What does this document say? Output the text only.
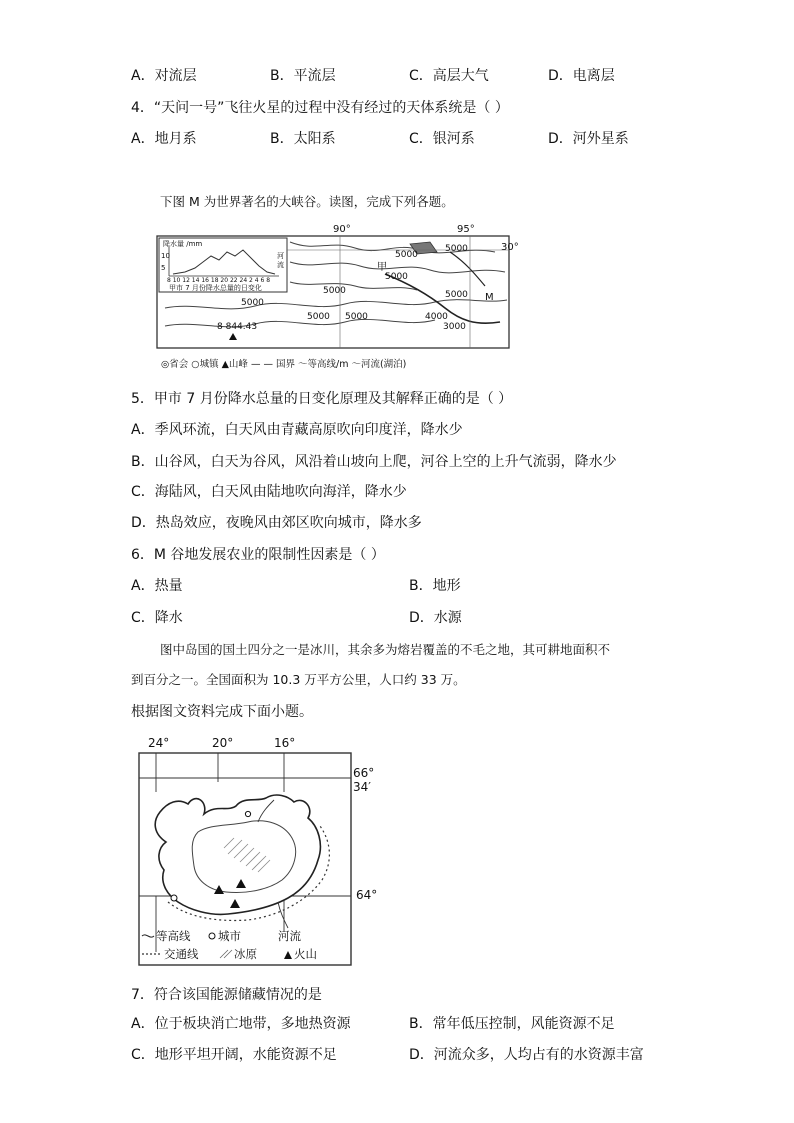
A．对流层	B．平流层	C．高层大气	D．电离层
4．“天问一号”飞往火星的过程中没有经过的天体系统是（ ）
A．地月系	B．太阳系	C．银河系	D．河外星系
下图 M 为世界著名的大峡谷。读图，完成下列各题。
90°	95°
30°
5000
5000
5000
5000
5000 5000
5000
4000
3000
5000
甲
M
8 844.43
降水量 /mm
10
5
8 10 12 14 16 18 20 22 24 2 4 6 8
河流
甲市 7 月份降水总量的日变化
◎省会 ○城镇 ▲山峰 — — 国界 ～等高线/m ～河流(湖泊)
5．甲市 7 月份降水总量的日变化原理及其解释正确的是（ ）
A．季风环流，白天风由青藏高原吹向印度洋，降水少
B．山谷风，白天为谷风，风沿着山坡向上爬，河谷上空的上升气流弱，降水少
C．海陆风，白天风由陆地吹向海洋，降水少
D．热岛效应，夜晚风由郊区吹向城市，降水多
6．M 谷地发展农业的限制性因素是（ ）
A．热量	B．地形
C．降水	D．水源
图中岛国的国土四分之一是冰川，其余多为熔岩覆盖的不毛之地，其可耕地面积不
到百分之一。全国面积为 10.3 万平方公里，人口约 33 万。
根据图文资料完成下面小题。
24°	20°	16°
66° 34′
64°
等高线 城市	河流
交通线	冰原	火山
7．符合该国能源储藏情况的是
A．位于板块消亡地带，多地热资源	B．常年低压控制，风能资源不足
C．地形平坦开阔，水能资源不足	D．河流众多，人均占有的水资源丰富
